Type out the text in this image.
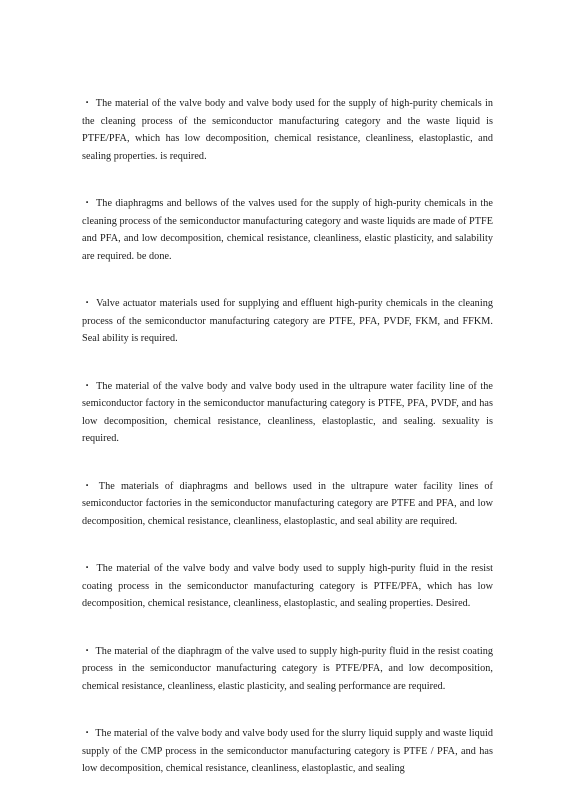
・ The material of the valve body and valve body used for the supply of high-purity chemicals in the cleaning process of the semiconductor manufacturing category and the waste liquid is PTFE/PFA, which has low decomposition, chemical resistance, cleanliness, elastoplastic, and sealing properties. is required.

・ The diaphragms and bellows of the valves used for the supply of high-purity chemicals in the cleaning process of the semiconductor manufacturing category and waste liquids are made of PTFE and PFA, and low decomposition, chemical resistance, cleanliness, elastic plasticity, and salability are required. be done.

・ Valve actuator materials used for supplying and effluent high-purity chemicals in the cleaning process of the semiconductor manufacturing category are PTFE, PFA, PVDF, FKM, and FFKM. Seal ability is required.

・ The material of the valve body and valve body used in the ultrapure water facility line of the semiconductor factory in the semiconductor manufacturing category is PTFE, PFA, PVDF, and has low decomposition, chemical resistance, cleanliness, elastoplastic, and sealing. sexuality is required.

・ The materials of diaphragms and bellows used in the ultrapure water facility lines of semiconductor factories in the semiconductor manufacturing category are PTFE and PFA, and low decomposition, chemical resistance, cleanliness, elastoplastic, and seal ability are required.

・ The material of the valve body and valve body used to supply high-purity fluid in the resist coating process in the semiconductor manufacturing category is PTFE/PFA, which has low decomposition, chemical resistance, cleanliness, elastoplastic, and sealing properties. Desired.

・ The material of the diaphragm of the valve used to supply high-purity fluid in the resist coating process in the semiconductor manufacturing category is PTFE/PFA, and low decomposition, chemical resistance, cleanliness, elastic plasticity, and sealing performance are required.

・ The material of the valve body and valve body used for the slurry liquid supply and waste liquid supply of the CMP process in the semiconductor manufacturing category is PTFE / PFA, and has low decomposition, chemical resistance, cleanliness, elastoplastic, and sealing
